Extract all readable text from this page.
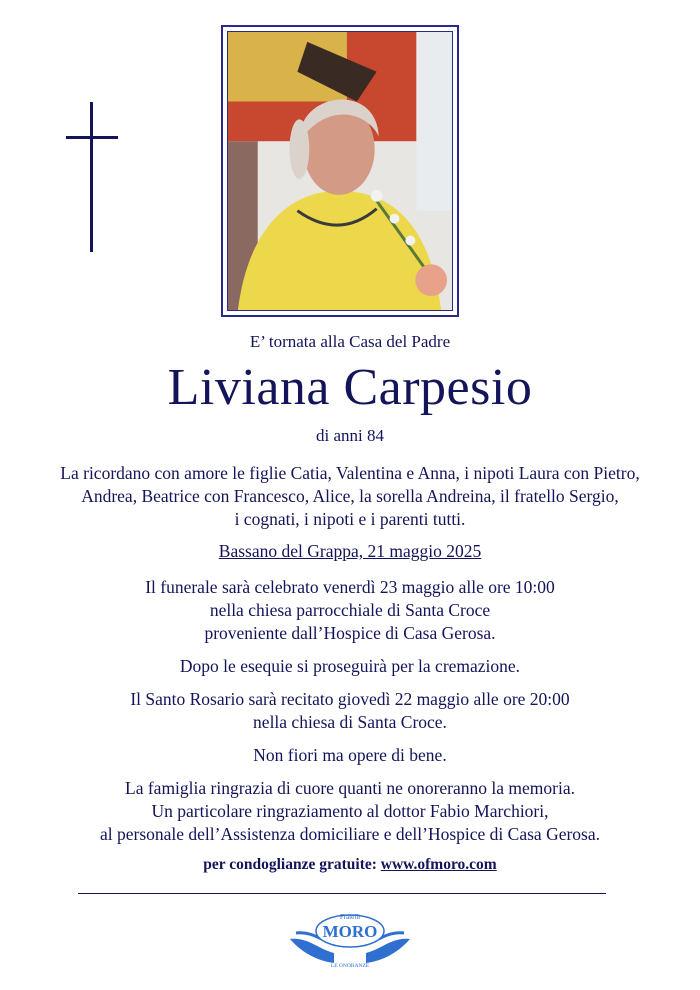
E’ tornata alla Casa del Padre
Liviana Carpesio
di anni 84
La ricordano con amore le figlie Catia, Valentina e Anna, i nipoti Laura con Pietro,
Andrea, Beatrice con Francesco, Alice, la sorella Andreina, il fratello Sergio,
i cognati, i nipoti e i parenti tutti.
Bassano del Grappa, 21 maggio 2025
Il funerale sarà celebrato venerdì 23 maggio alle ore 10:00
nella chiesa parrocchiale di Santa Croce
proveniente dall’Hospice di Casa Gerosa.
Dopo le esequie si proseguirà per la cremazione.
Il Santo Rosario sarà recitato giovedì 22 maggio alle ore 20:00
nella chiesa di Santa Croce.
Non fiori ma opere di bene.
La famiglia ringrazia di cuore quanti ne onoreranno la memoria.
Un particolare ringraziamento al dottor Fabio Marchiori,
al personale dell’Assistenza domiciliare e dell’Hospice di Casa Gerosa.
per condoglianze gratuite: www.ofmoro.com
Fratelli
MORO
LE ONORANZE
